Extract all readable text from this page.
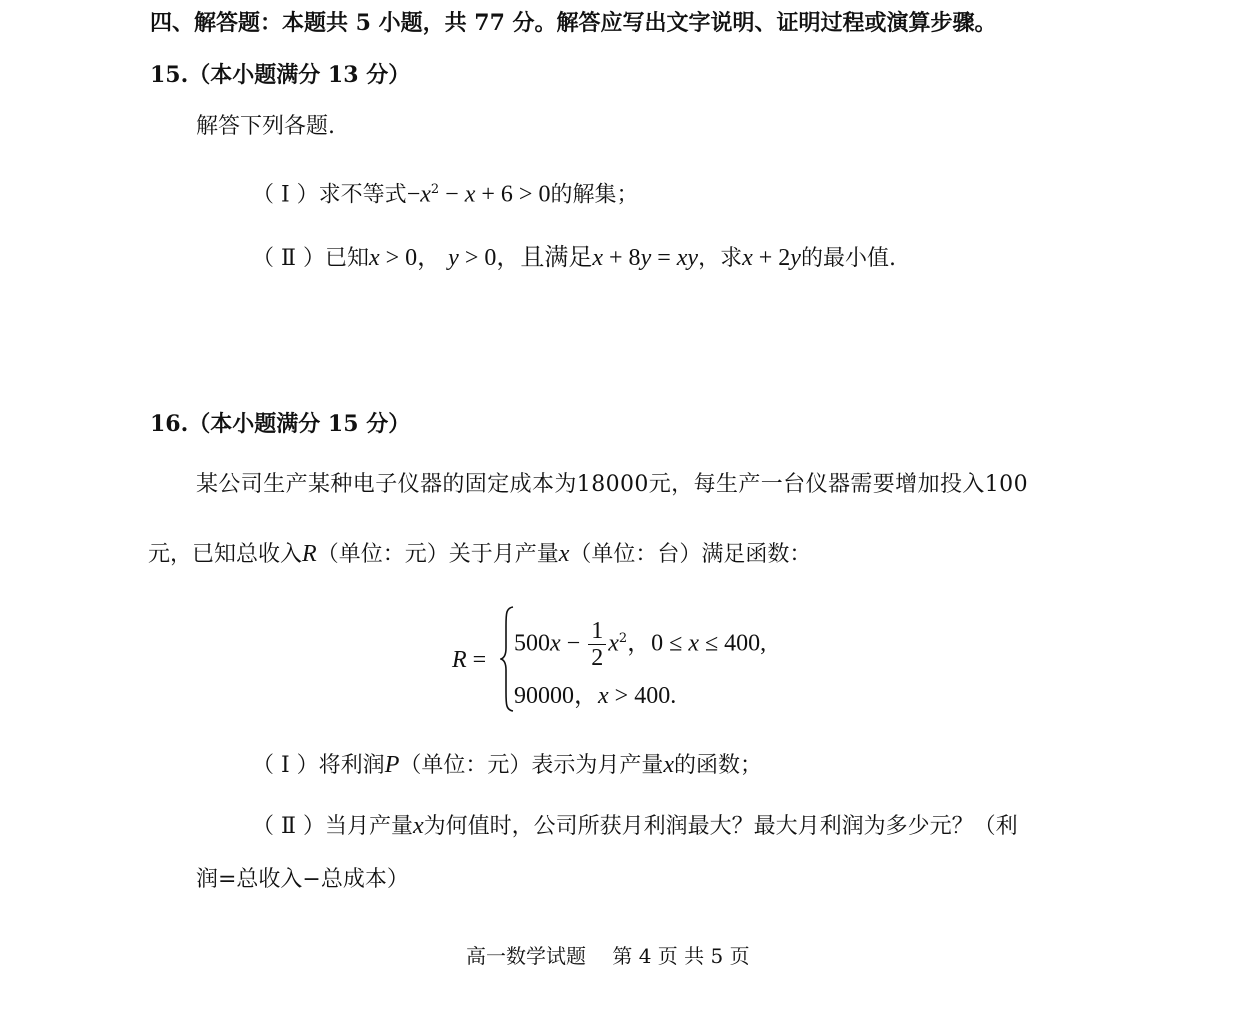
四、解答题：本题共 5 小题，共 77 分。解答应写出文字说明、证明过程或演算步骤。
15.（本小题满分 13 分）
解答下列各题.
（ Ⅰ ）求不等式$-x^2 - x + 6 > 0$的解集；
（ Ⅱ ）已知x > 0， y > 0，且满足x + 8y = xy，求x + 2y的最小值.
16.（本小题满分 15 分）
某公司生产某种电子仪器的固定成本为18000元，每生产一台仪器需要增加投入100
元，已知总收入R（单位：元）关于月产量x（单位：台）满足函数：
R =
$500x - \frac{1}{2} x^2$，0 ≤ x ≤ 400,
90000，x > 400.
（ Ⅰ ）将利润P（单位：元）表示为月产量x的函数；
（ Ⅱ ）当月产量x为何值时，公司所获月利润最大？最大月利润为多少元？（利
润=总收入−总成本）
高一数学试题　 第 4 页 共 5 页
